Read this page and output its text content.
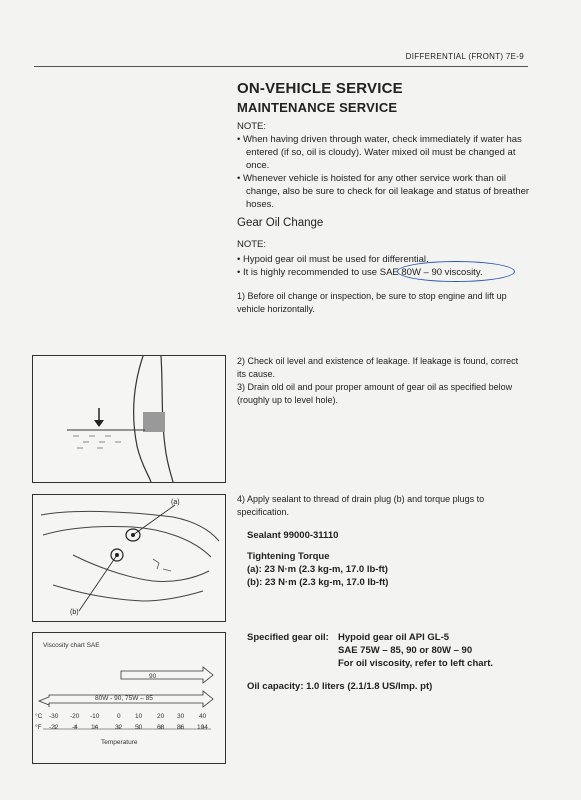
DIFFERENTIAL (FRONT) 7E-9
ON-VEHICLE SERVICE
MAINTENANCE SERVICE
NOTE:
• When having driven through water, check immediately if water has entered (if so, oil is cloudy). Water mixed oil must be changed at once.
• Whenever vehicle is hoisted for any other service work than oil change, also be sure to check for oil leakage and status of breather hoses.
Gear Oil Change
NOTE:
• Hypoid gear oil must be used for differential.
• It is highly recommended to use SAE 80W – 90 viscosity.
1) Before oil change or inspection, be sure to stop engine and lift up vehicle horizontally.
2) Check oil level and existence of leakage. If leakage is found, correct its cause.
3) Drain old oil and pour proper amount of gear oil as specified below (roughly up to level hole).
(a)
(b)
4) Apply sealant to thread of drain plug (b) and torque plugs to specification.
Sealant 99000-31110
Tightening Torque
(a): 23 N·m (2.3 kg-m, 17.0 lb-ft)
(b): 23 N·m (2.3 kg-m, 17.0 lb-ft)
Viscosity chart SAE
90
80W - 90, 75W – 85
°C -30 -20 -10	0 10 20 30 40
°F -22 -4 14	32 50 68 86 104
Temperature
Specified gear oil: Hypoid gear oil API GL-5
SAE 75W – 85, 90 or 80W – 90
For oil viscosity, refer to left chart.
Oil capacity: 1.0 liters (2.1/1.8 US/Imp. pt)
